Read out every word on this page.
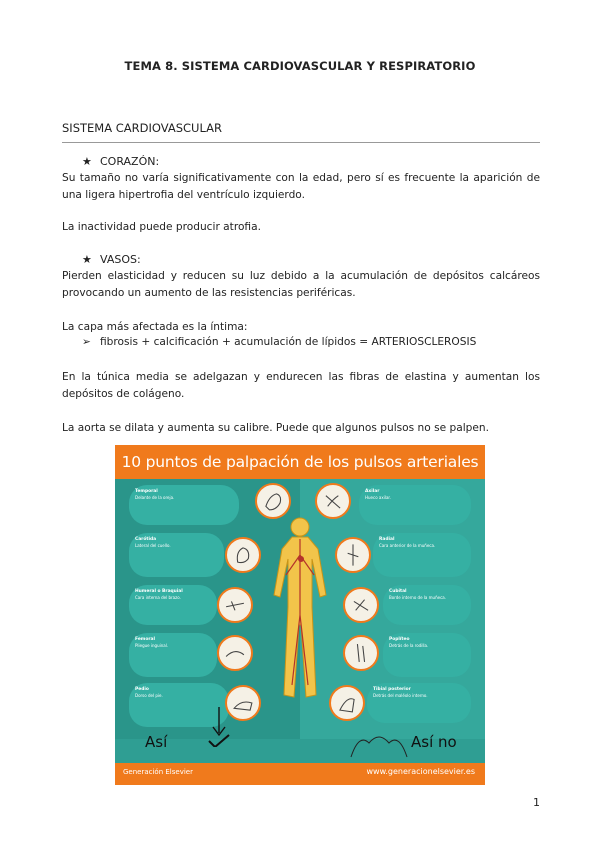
TEMA 8. SISTEMA CARDIOVASCULAR Y RESPIRATORIO
SISTEMA CARDIOVASCULAR
★ CORAZÓN:
Su tamaño no varía significativamente con la edad, pero sí es frecuente la aparición de una ligera hipertrofia del ventrículo izquierdo.
La inactividad puede producir atrofia.
★ VASOS:
Pierden elasticidad y reducen su luz debido a la acumulación de depósitos calcáreos provocando un aumento de las resistencias periféricas.
La capa más afectada es la íntima:
➢ fibrosis + calcificación + acumulación de lípidos = ARTERIOSCLEROSIS
En la túnica media se adelgazan y endurecen las fibras de elastina y aumentan los depósitos de colágeno.
La aorta se dilata y aumenta su calibre. Puede que algunos pulsos no se palpen.
10 puntos de palpación de los pulsos arteriales
Temporal
Delante de la oreja.
Carótida
Lateral del cuello.
Humeral o Braquial
Cara interna del brazo.
Femoral
Pliegue inguinal.
Pedio
Dorso del pie.
Axilar
Hueco axilar.
Radial
Cara anterior de la muñeca.
Cubital
Borde interno de la muñeca.
Poplíteo
Detrás de la rodilla.
Tibial posterior
Detrás del maléolo interno.
Así	Así no
Generación Elsevier	www.generacionelsevier.es
1
